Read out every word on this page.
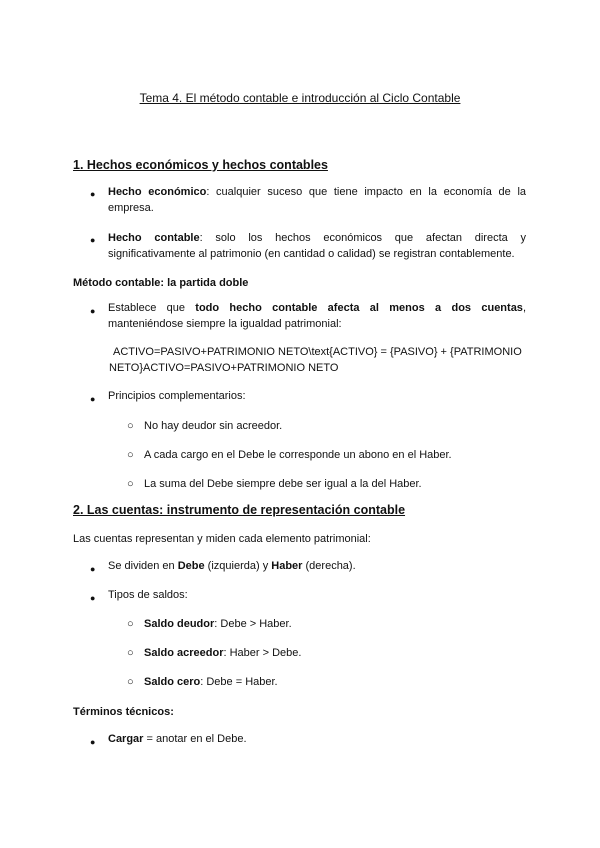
Tema 4. El método contable e introducción al Ciclo Contable
1. Hechos económicos y hechos contables
● Hecho económico: cualquier suceso que tiene impacto en la economía de la empresa.
● Hecho contable: solo los hechos económicos que afectan directa y significativamente al patrimonio (en cantidad o calidad) se registran contablemente.
Método contable: la partida doble
● Establece que todo hecho contable afecta al menos a dos cuentas, manteniéndose siempre la igualdad patrimonial:
ACTIVO=PASIVO+PATRIMONIO NETO\text{ACTIVO} = {PASIVO} + {PATRIMONIO
NETO}ACTIVO=PASIVO+PATRIMONIO NETO
● Principios complementarios:
○ No hay deudor sin acreedor.
○ A cada cargo en el Debe le corresponde un abono en el Haber.
○ La suma del Debe siempre debe ser igual a la del Haber.
2. Las cuentas: instrumento de representación contable
Las cuentas representan y miden cada elemento patrimonial:
● Se dividen en Debe (izquierda) y Haber (derecha).
● Tipos de saldos:
○ Saldo deudor: Debe > Haber.
○ Saldo acreedor: Haber > Debe.
○ Saldo cero: Debe = Haber.
Términos técnicos:
● Cargar = anotar en el Debe.
